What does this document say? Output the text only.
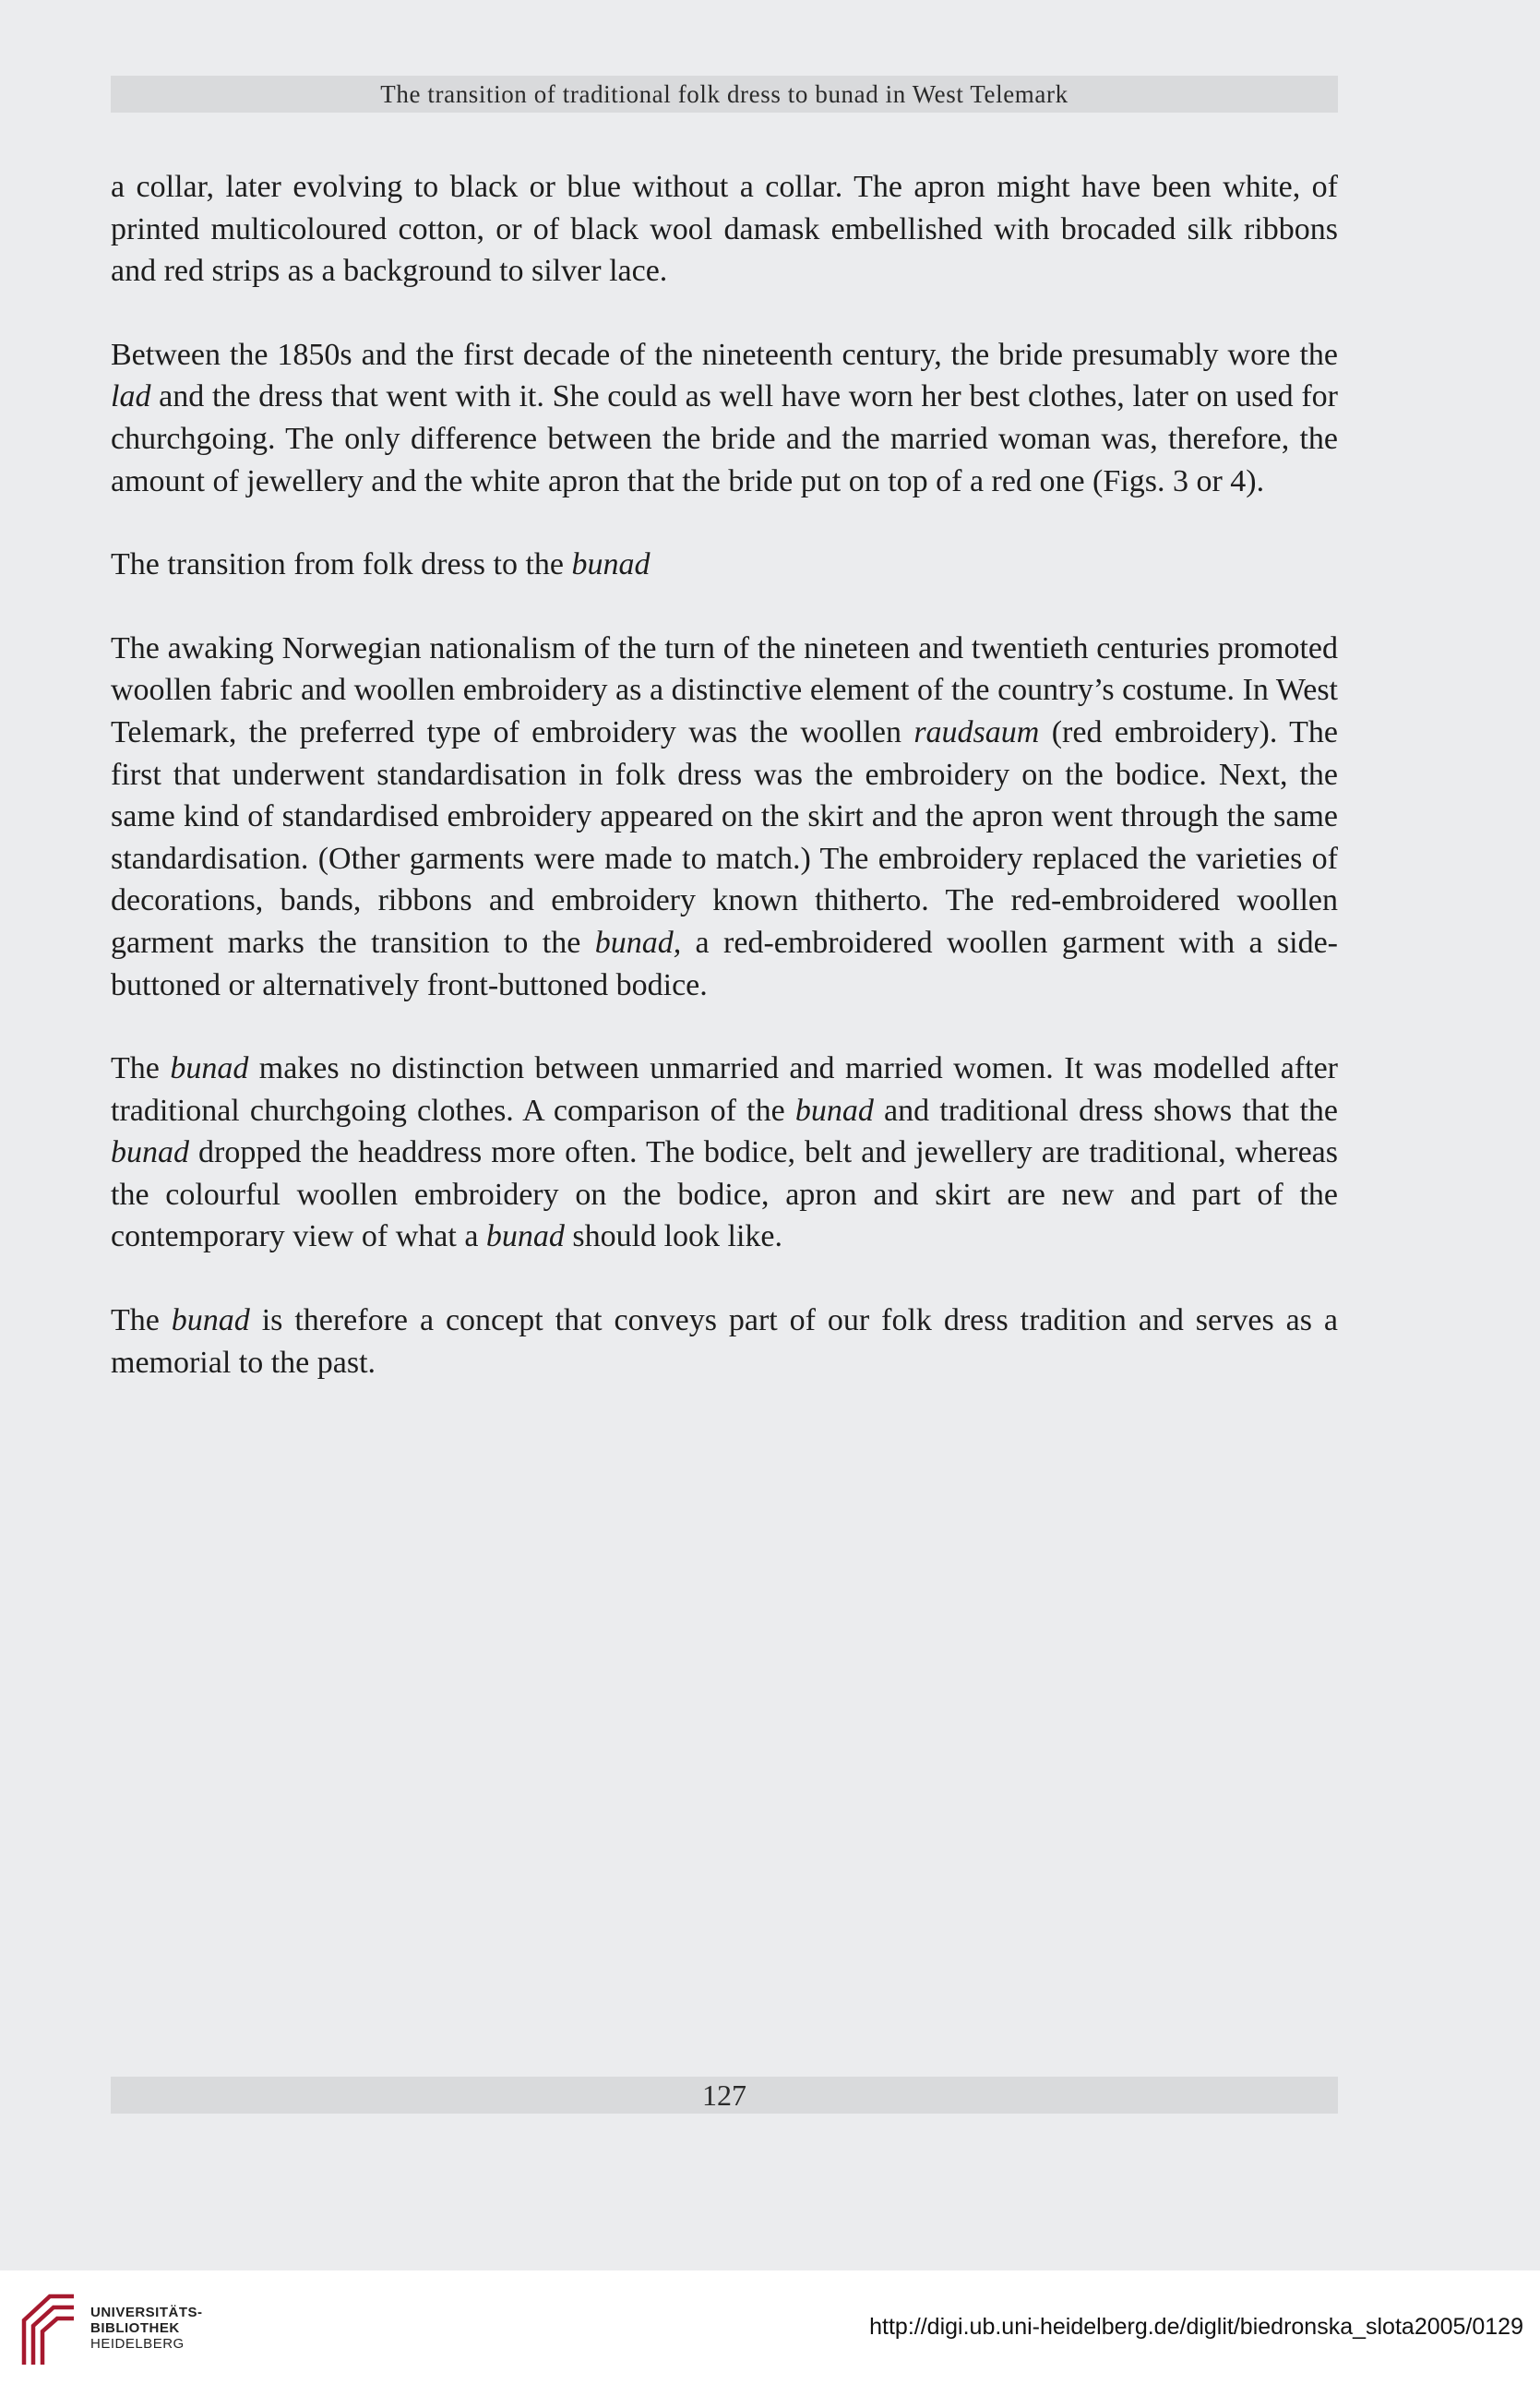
The transition of traditional folk dress to bunad in West Telemark

a collar, later evolving to black or blue without a collar. The apron might have been white, of printed multicoloured cotton, or of black wool damask embellished with brocaded silk ribbons and red strips as a background to silver lace.

Between the 1850s and the first decade of the nineteenth century, the bride presumably wore the lad and the dress that went with it. She could as well have worn her best clothes, later on used for churchgoing. The only difference between the bride and the married woman was, therefore, the amount of jewellery and the white apron that the bride put on top of a red one (Figs. 3 or 4).

The transition from folk dress to the bunad

The awaking Norwegian nationalism of the turn of the nineteen and twentieth centuries promoted woollen fabric and woollen embroidery as a distinctive element of the country’s costume. In West Telemark, the preferred type of embroidery was the woollen raudsaum (red embroidery). The first that underwent standardisation in folk dress was the embroidery on the bodice. Next, the same kind of standardised embroidery appeared on the skirt and the apron went through the same standardisation. (Other garments were made to match.) The embroidery replaced the varieties of decorations, bands, ribbons and embroidery known thitherto. The red-embroidered woollen garment marks the transition to the bunad, a red-embroidered woollen garment with a side-buttoned or alternatively front-buttoned bodice.

The bunad makes no distinction between unmarried and married women. It was modelled after traditional churchgoing clothes. A comparison of the bunad and traditional dress shows that the bunad dropped the headdress more often. The bodice, belt and jewellery are traditional, whereas the colourful woollen embroidery on the bodice, apron and skirt are new and part of the contemporary view of what a bunad should look like.

The bunad is therefore a concept that conveys part of our folk dress tradition and serves as a memorial to the past.

127
UNIVERSITÄTS-
BIBLIOTHEK
HEIDELBERG
http://digi.ub.uni-heidelberg.de/diglit/biedronska_slota2005/0129
